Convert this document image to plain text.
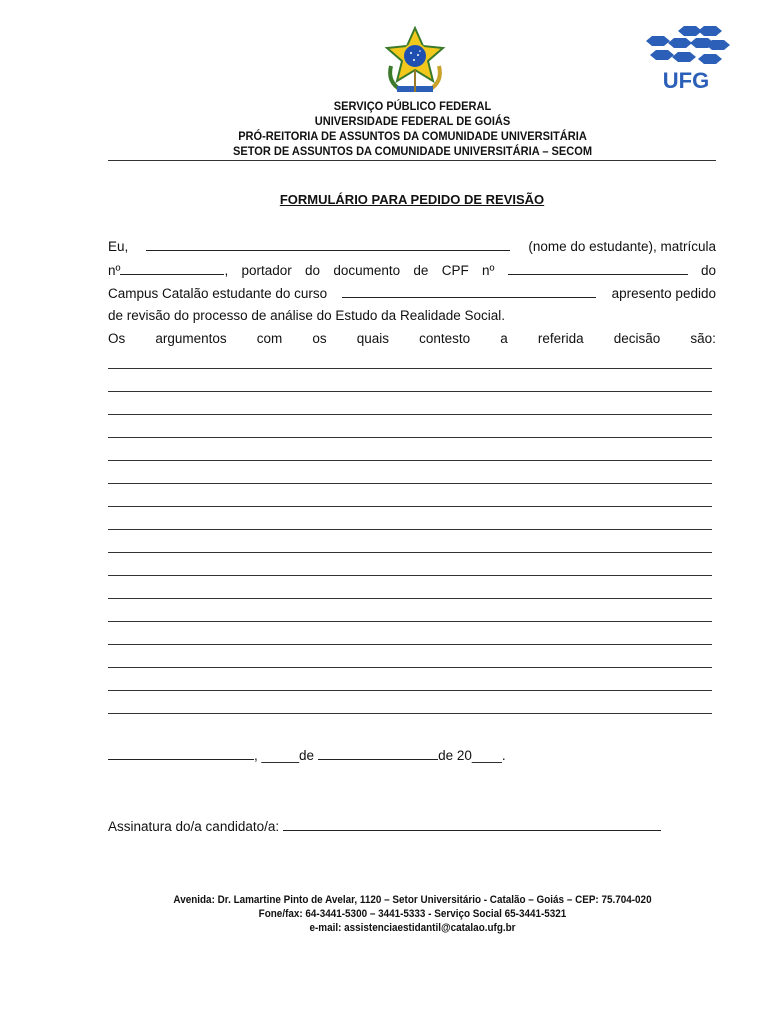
UFG
SERVIÇO PÚBLICO FEDERAL
UNIVERSIDADE FEDERAL DE GOIÁS
PRÓ-REITORIA DE ASSUNTOS DA COMUNIDADE UNIVERSITÁRIA
SETOR DE ASSUNTOS DA COMUNIDADE UNIVERSITÁRIA – SECOM
FORMULÁRIO PARA PEDIDO DE REVISÃO
Eu,	(nome do estudante), matrícula
nº	, portador do documento de CPF nº	do
Campus Catalão estudante do curso	apresento pedido
de revisão do processo de análise do Estudo da Realidade Social.
Os argumentos com os quais contesto a referida decisão são:
, _____de	de 20____.
Assinatura do/a candidato/a:
Avenida: Dr. Lamartine Pinto de Avelar, 1120 – Setor Universitário - Catalão – Goiás – CEP: 75.704-020
Fone/fax: 64-3441-5300 – 3441-5333 - Serviço Social 65-3441-5321
e-mail: assistenciaestidantil@catalao.ufg.br
